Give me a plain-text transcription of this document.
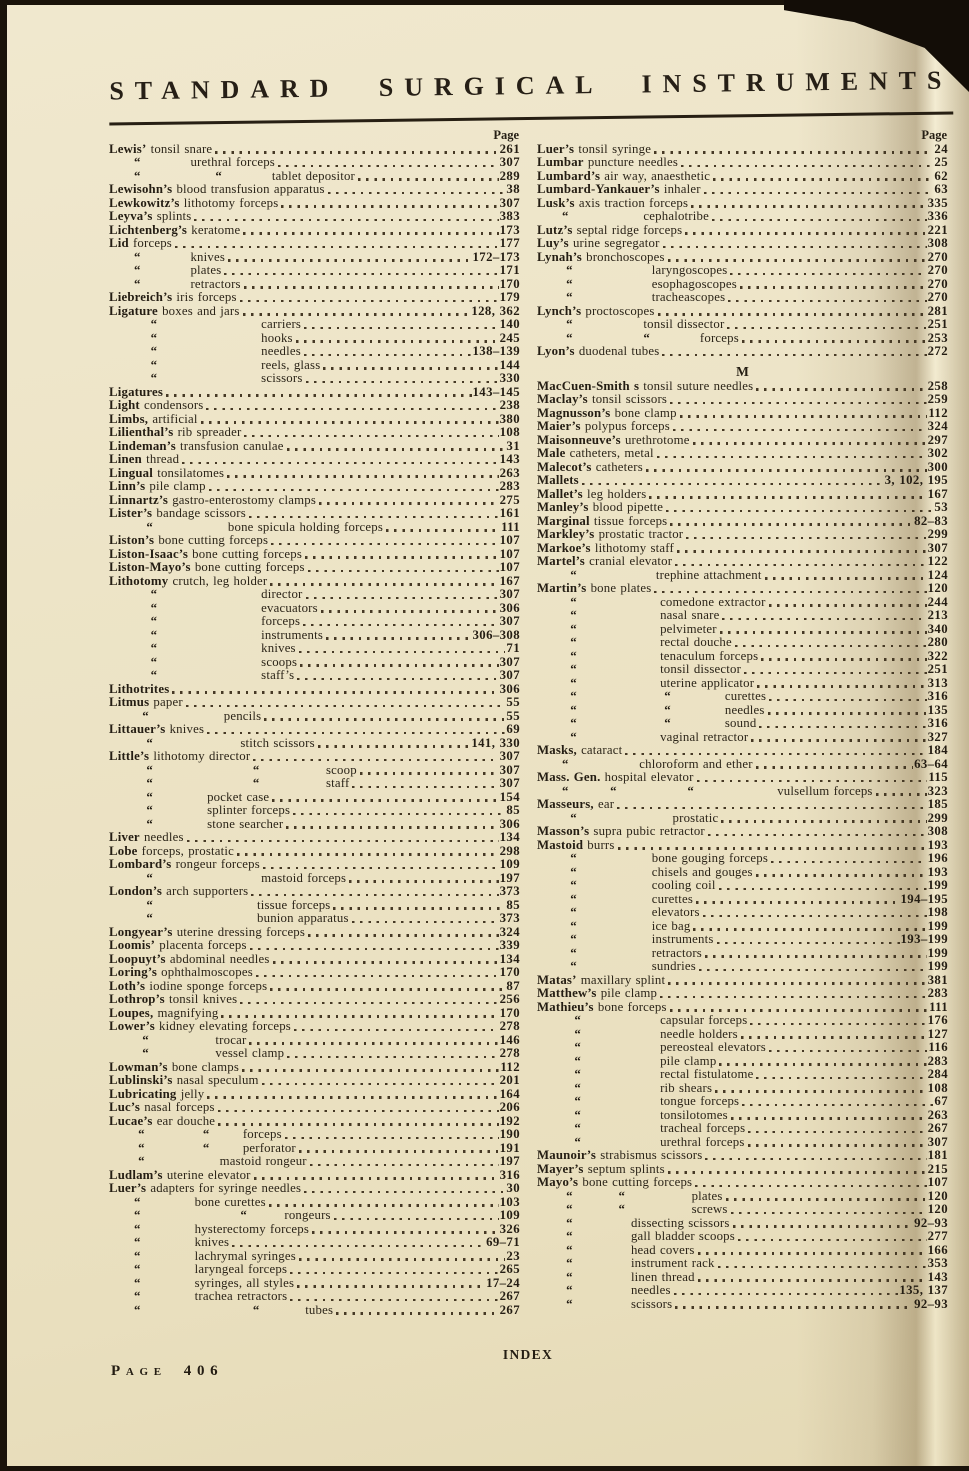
STANDARD SURGICAL INSTRUMENTS
Page
Lewis’ tonsil snare	261
“ urethral forceps	307
“                  “ tablet depositor	289
Lewisohn’s blood transfusion apparatus	38
Lewkowitz’s lithotomy forceps	307
Leyva’s splints	383
Lichtenberg’s keratome	173
Lid forceps	177
“ knives	172–173
“ plates	171
“ retractors	170
Liebreich’s iris forceps	179
Ligature boxes and jars	128, 362
“ carriers	140
“ hooks	245
“ needles	138–139
“ reels, glass	144
“ scissors	330
Ligatures	143–145
Light condensors	238
Limbs, artificial	380
Lilienthal’s rib spreader	108
Lindeman’s transfusion canulae	31
Linen thread	143
Lingual tonsilatomes	263
Linn’s pile clamp	283
Linnartz’s gastro-enterostomy clamps	275
Lister’s bandage scissors	161
“ bone spicula holding forceps	111
Liston’s bone cutting forceps	107
Liston-Isaac’s bone cutting forceps	107
Liston-Mayo’s bone cutting forceps	107
Lithotomy crutch, leg holder	167
“ director	307
“ evacuators	306
“ forceps	307
“ instruments	306–308
“ knives	71
“ scoops	307
“ staff’s	307
Lithotrites	306
Litmus paper	55
“ pencils	55
Littauer’s knives	69
“ stitch scissors	141, 330
Little’s lithotomy director	307
“                        “ scoop	307
“                        “ staff	307
“ pocket case	154
“ splinter forceps	85
“ stone searcher	306
Liver needles	134
Lobe forceps, prostatic	298
Lombard’s rongeur forceps	109
“ mastoid forceps	197
London’s arch supporters	373
“ tissue forceps	85
“ bunion apparatus	373
Longyear’s uterine dressing forceps	324
Loomis’ placenta forceps	339
Loopuyt’s abdominal needles	134
Loring’s ophthalmoscopes	170
Loth’s iodine sponge forceps	87
Lothrop’s tonsil knives	256
Loupes, magnifying	170
Lower’s kidney elevating forceps	278
“ trocar	146
“ vessel clamp	278
Lowman’s bone clamps	112
Lublinski’s nasal speculum	201
Lubricating jelly	164
Luc’s nasal forceps	206
Lucae’s ear douche	192
“              “ forceps	190
“              “ perforator	191
“ mastoid rongeur	197
Ludlam’s uterine elevator	316
Luer’s adapters for syringe needles	30
“ bone curettes	103
“                        “ rongeurs	109
“ hysterectomy forceps	326
“ knives	69–71
“ lachrymal syringes	23
“ laryngeal forceps	265
“ syringes, all styles	17–24
“ trachea retractors	267
“                           “ tubes	267
Page
Luer’s tonsil syringe	24
Lumbar puncture needles	25
Lumbard’s air way, anaesthetic	62
Lumbard-Yankauer’s inhaler	63
Lusk’s axis traction forceps	335
“ cephalotribe	336
Lutz’s septal ridge forceps	221
Luy’s urine segregator	308
Lynah’s bronchoscopes	270
“ laryngoscopes	270
“ esophagoscopes	270
“ tracheascopes	270
Lynch’s proctoscopes	281
“ tonsil dissector	251
“                 “ forceps	253
Lyon’s duodenal tubes	272
M
MacCuen-Smith s tonsil suture needles	258
Maclay’s tonsil scissors	259
Magnusson’s bone clamp	112
Maier’s polypus forceps	324
Maisonneuve’s urethrotome	297
Male catheters, metal	302
Malecot’s catheters	300
Mallets	3, 102, 195
Mallet’s leg holders	167
Manley’s blood pipette	53
Marginal tissue forceps	82–83
Markley’s prostatic tractor	299
Markoe’s lithotomy staff	307
Martel’s cranial elevator	122
“ trephine attachment	124
Martin’s bone plates	120
“ comedone extractor	244
“ nasal snare	213
“ pelvimeter	340
“ rectal douche	280
“ tenaculum forceps	322
“ tonsil dissector	251
“ uterine applicator	313
“                     “ curettes	316
“                     “ needles	135
“                     “ sound	316
“ vaginal retractor	327
Masks, cataract	184
“ chloroform and ether	63–64
Mass. Gen. hospital elevator	115
“          “                 “ vulsellum forceps	323
Masseurs, ear	185
“ prostatic	299
Masson’s supra pubic retractor	308
Mastoid burrs	193
“ bone gouging forceps	196
“ chisels and gouges	193
“ cooling coil	199
“ curettes	194–195
“ elevators	198
“ ice bag	199
“ instruments	193–199
“ retractors	199
“ sundries	199
Matas’ maxillary splint	381
Matthew’s pile clamp	283
Mathieu’s bone forceps	111
“ capsular forceps	176
“ needle holders	127
“ pereosteal elevators	116
“ pile clamp	283
“ rectal fistulatome	284
“ rib shears	108
“ tongue forceps	67
“ tonsilotomes	263
“ tracheal forceps	267
“ urethral forceps	307
Maunoir’s strabismus scissors	181
Mayer’s septum splints	215
Mayo’s bone cutting forceps	107
“           “ plates	120
“           “ screws	120
“ dissecting scissors	92–93
“ gall bladder scoops	277
“ head covers	166
“ instrument rack	353
“ linen thread	143
“ needles	135, 137
“ scissors	92–93
INDEX
Page 406
